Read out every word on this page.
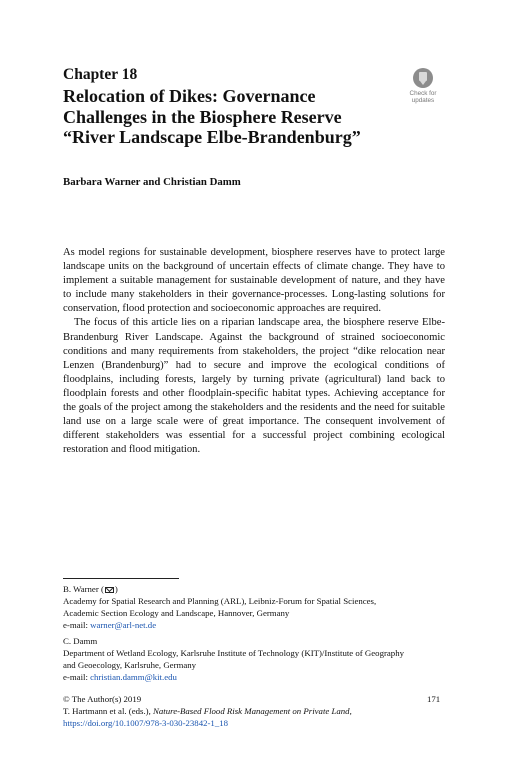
Chapter 18
Relocation of Dikes: Governance
Challenges in the Biosphere Reserve
“River Landscape Elbe-Brandenburg”
Check for
updates
Barbara Warner and Christian Damm

As model regions for sustainable development, biosphere reserves have to protect large landscape units on the background of uncertain effects of climate change. They have to implement a suitable management for sustainable development of nature, and they have to include many stakeholders in their governance-processes. Long-lasting solutions for conservation, flood protection and socioeconomic approaches are required.

The focus of this article lies on a riparian landscape area, the biosphere reserve Elbe-Brandenburg River Landscape. Against the background of strained socioeconomic conditions and many requirements from stakeholders, the project “dike relocation near Lenzen (Brandenburg)” had to secure and improve the ecological conditions of floodplains, including forests, largely by turning private (agricultural) land back to floodplain forests and other floodplain-specific habitat types. Achieving acceptance for the goals of the project among the stakeholders and the residents and the need for suitable land use on a large scale were of great importance. The consequent involvement of different stakeholders was essential for a successful project combining ecological restoration and flood mitigation.

B. Warner ( )
Academy for Spatial Research and Planning (ARL), Leibniz-Forum for Spatial Sciences,
Academic Section Ecology and Landscape, Hannover, Germany
e-mail: warner@arl-net.de
C. Damm
Department of Wetland Ecology, Karlsruhe Institute of Technology (KIT)/Institute of Geography
and Geoecology, Karlsruhe, Germany
e-mail: christian.damm@kit.edu
© The Author(s) 2019
T. Hartmann et al. (eds.), Nature-Based Flood Risk Management on Private Land,
https://doi.org/10.1007/978-3-030-23842-1_18
171
